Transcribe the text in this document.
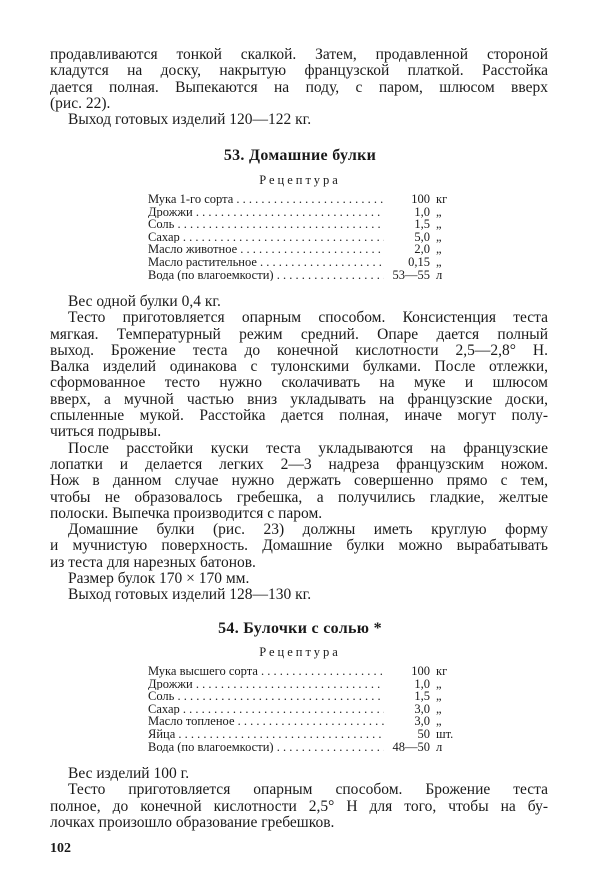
продавливаются тонкой скалкой. Затем, продавленной стороной
кладутся на доску, накрытую французской платкой. Расстойка
дается полная. Выпекаются на поду, с паром, шлюсом вверх
(рис. 22).
Выход готовых изделий 120—122 кг.
53. Домашние булки
Рецептура
Мука 1-го сорта . . .	100 кг
Дрожжи . . .	1,0 „
Соль . . .	1,5 „
Сахар . . .	5,0 „
Масло животное . . .	2,0 „
Масло растительное . . .	0,15 „
Вода (по влагоемкости) . . .	53—55 л
Вес одной булки 0,4 кг.
Тесто приготовляется опарным способом. Консистенция теста
мягкая. Температурный режим средний. Опаре дается полный
выход. Брожение теста до конечной кислотности 2,5—2,8° Н.
Валка изделий одинакова с тулонскими булками. После отлежки,
сформованное тесто нужно сколачивать на муке и шлюсом
вверх, а мучной частью вниз укладывать на французские доски,
спыленные мукой. Расстойка дается полная, иначе могут полу-
читься подрывы.
После расстойки куски теста укладываются на французские
лопатки и делается легких 2—3 надреза французским ножом.
Нож в данном случае нужно держать совершенно прямо с тем,
чтобы не образовалось гребешка, а получились гладкие, желтые
полоски. Выпечка производится с паром.
Домашние булки (рис. 23) должны иметь круглую форму
и мучнистую поверхность. Домашние булки можно вырабатывать
из теста для нарезных батонов.
Размер булок 170 × 170 мм.
Выход готовых изделий 128—130 кг.
54. Булочки с солью *
Рецептура
Мука высшего сорта . . .	100 кг
Дрожжи . . .	1,0 „
Соль . . .	1,5 „
Сахар . . .	3,0 „
Масло топленое . . .	3,0 „
Яйца . . .	50 шт.
Вода (по влагоемкости) . . .	48—50 л
Вес изделий 100 г.
Тесто приготовляется опарным способом. Брожение теста
полное, до конечной кислотности 2,5° Н для того, чтобы на бу-
лочках произошло образование гребешков.
102
